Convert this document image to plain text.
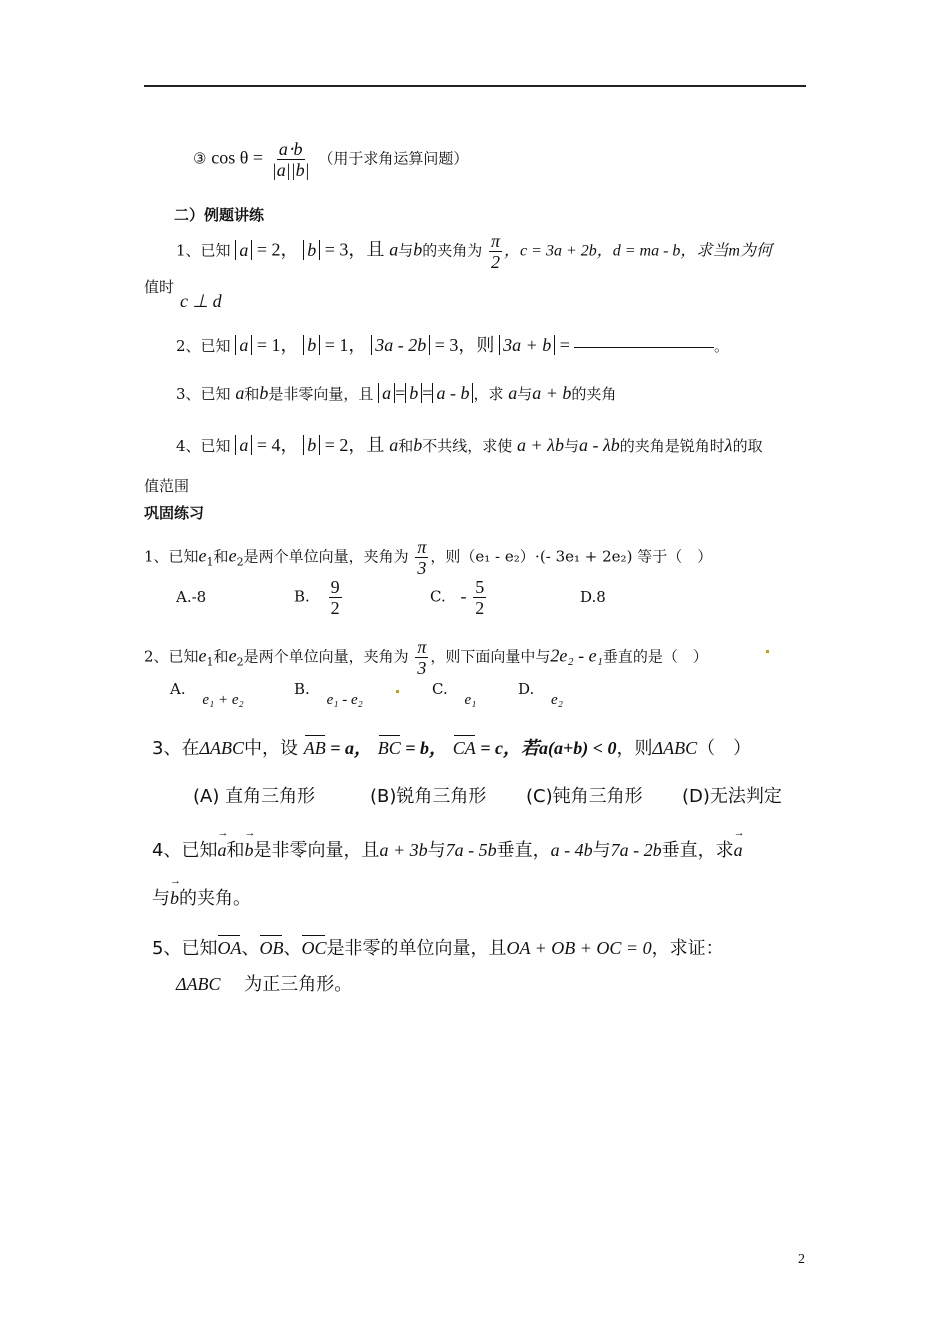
③ $\cos \theta = \frac{a\cdot b}{|a||b|}$ （用于求角运算问题）
二）例题讲练
1、已知 a = 2， b = 3，且 a与b的夹角为 $\frac{\pi}{2}$ ，c = 3a + 2b，d = ma - b，求当m为何
值时
c ⊥ d
2、已知 a = 1， b = 1， 3a - 2b = 3，则 3a + b =	。
3、已知 a和b是非零向量，且 a = b = a - b ，求 a与a + b的夹角
4、已知 a = 4， b = 2，且 a和b不共线，求使 a + λb与a - λb的夹角是锐角时λ的取
值范围
巩固练习
1、已知$e_1$和$e_2$是两个单位向量，夹角为 $\frac{\pi}{3}$ ，则（e₁ - e₂）⋅(- 3e₁ + 2e₂) 等于（　）
A.-8	B. $\frac{9}{2}$	C. - $\frac{5}{2}$	D.8
2、已知$e_1$和$e_2$是两个单位向量，夹角为 $\frac{\pi}{3}$ ，则下面向量中与2e₂ - e₁垂直的是（　）
A. e₁ + e₂
B. e₁ - e₂
C. e₁
D. e₂
3、在ΔABC中，设 AB = a， BC = b， CA = c，若a(a+b) < 0，则ΔABC（　）
(A) 直角三角形	(B)锐角三角形 (C)钝角三角形 (D)无法判定
4、已知a →和b →是非零向量，且a + 3b与7a - 5b垂直，a - 4b与7a - 2b垂直，求a →
与b →的夹角。
5、已知OA、OB、OC是非零的单位向量，且OA + OB + OC = 0，求证：
ΔABC 为正三角形。
2
